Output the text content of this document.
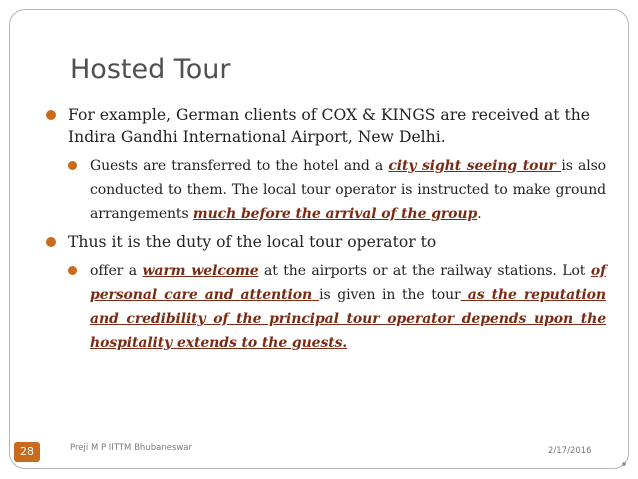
Hosted Tour
For example, German clients of COX & KINGS are received at the Indira Gandhi International Airport, New Delhi.
Guests are transferred to the hotel and a city sight seeing tour is also conducted to them. The local tour operator is instructed to make ground arrangements much before the arrival of the group.
Thus it is the duty of the local tour operator to
offer a warm welcome at the airports or at the railway stations. Lot of personal care and attention is given in the tour as the reputation and credibility of the principal tour operator depends upon the hospitality extends to the guests.
28	Preji M P IITTM Bhubaneswar	2/17/2016
